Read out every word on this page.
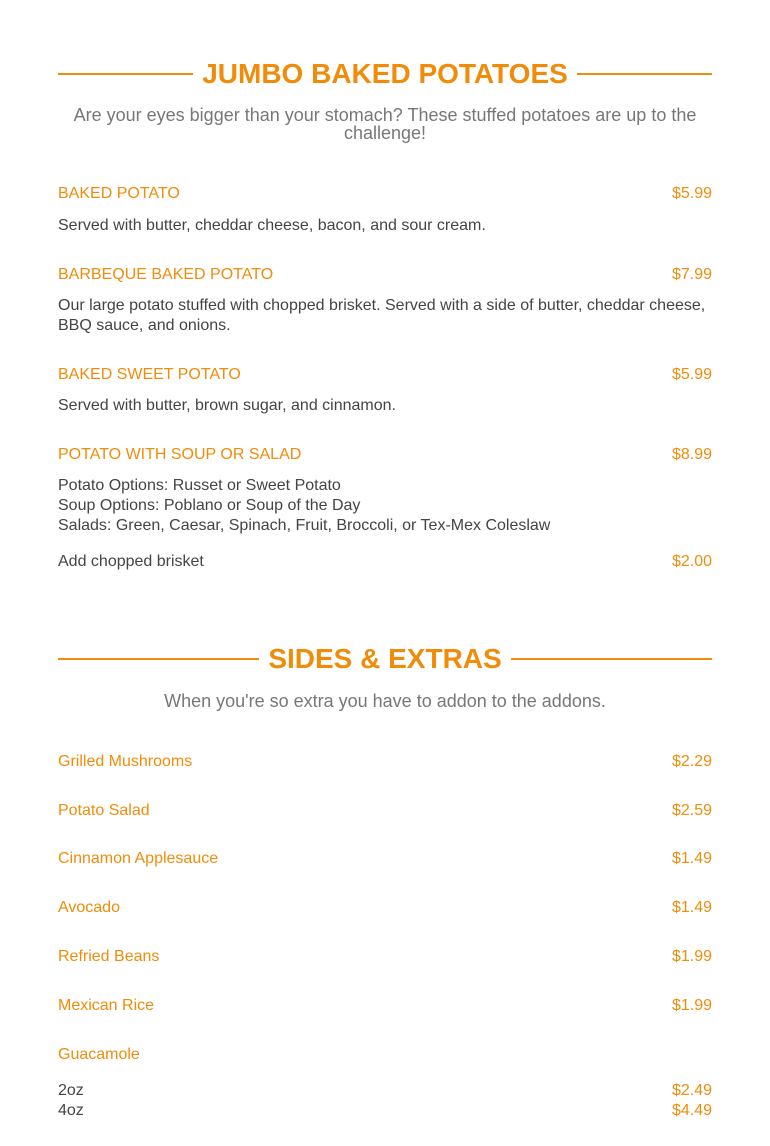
JUMBO BAKED POTATOES
Are your eyes bigger than your stomach? These stuffed potatoes are up to the challenge!
BAKED POTATO	$5.99
Served with butter, cheddar cheese, bacon, and sour cream.
BARBEQUE BAKED POTATO	$7.99
Our large potato stuffed with chopped brisket. Served with a side of butter, cheddar cheese, BBQ sauce, and onions.
BAKED SWEET POTATO	$5.99
Served with butter, brown sugar, and cinnamon.
POTATO WITH SOUP OR SALAD	$8.99
Potato Options: Russet or Sweet Potato
Soup Options: Poblano or Soup of the Day
Salads: Green, Caesar, Spinach, Fruit, Broccoli, or Tex-Mex Coleslaw
Add chopped brisket	$2.00
SIDES & EXTRAS
When you're so extra you have to addon to the addons.
Grilled Mushrooms	$2.29
Potato Salad	$2.59
Cinnamon Applesauce	$1.49
Avocado	$1.49
Refried Beans	$1.99
Mexican Rice	$1.99
Guacamole
2oz	$2.49
4oz	$4.49
